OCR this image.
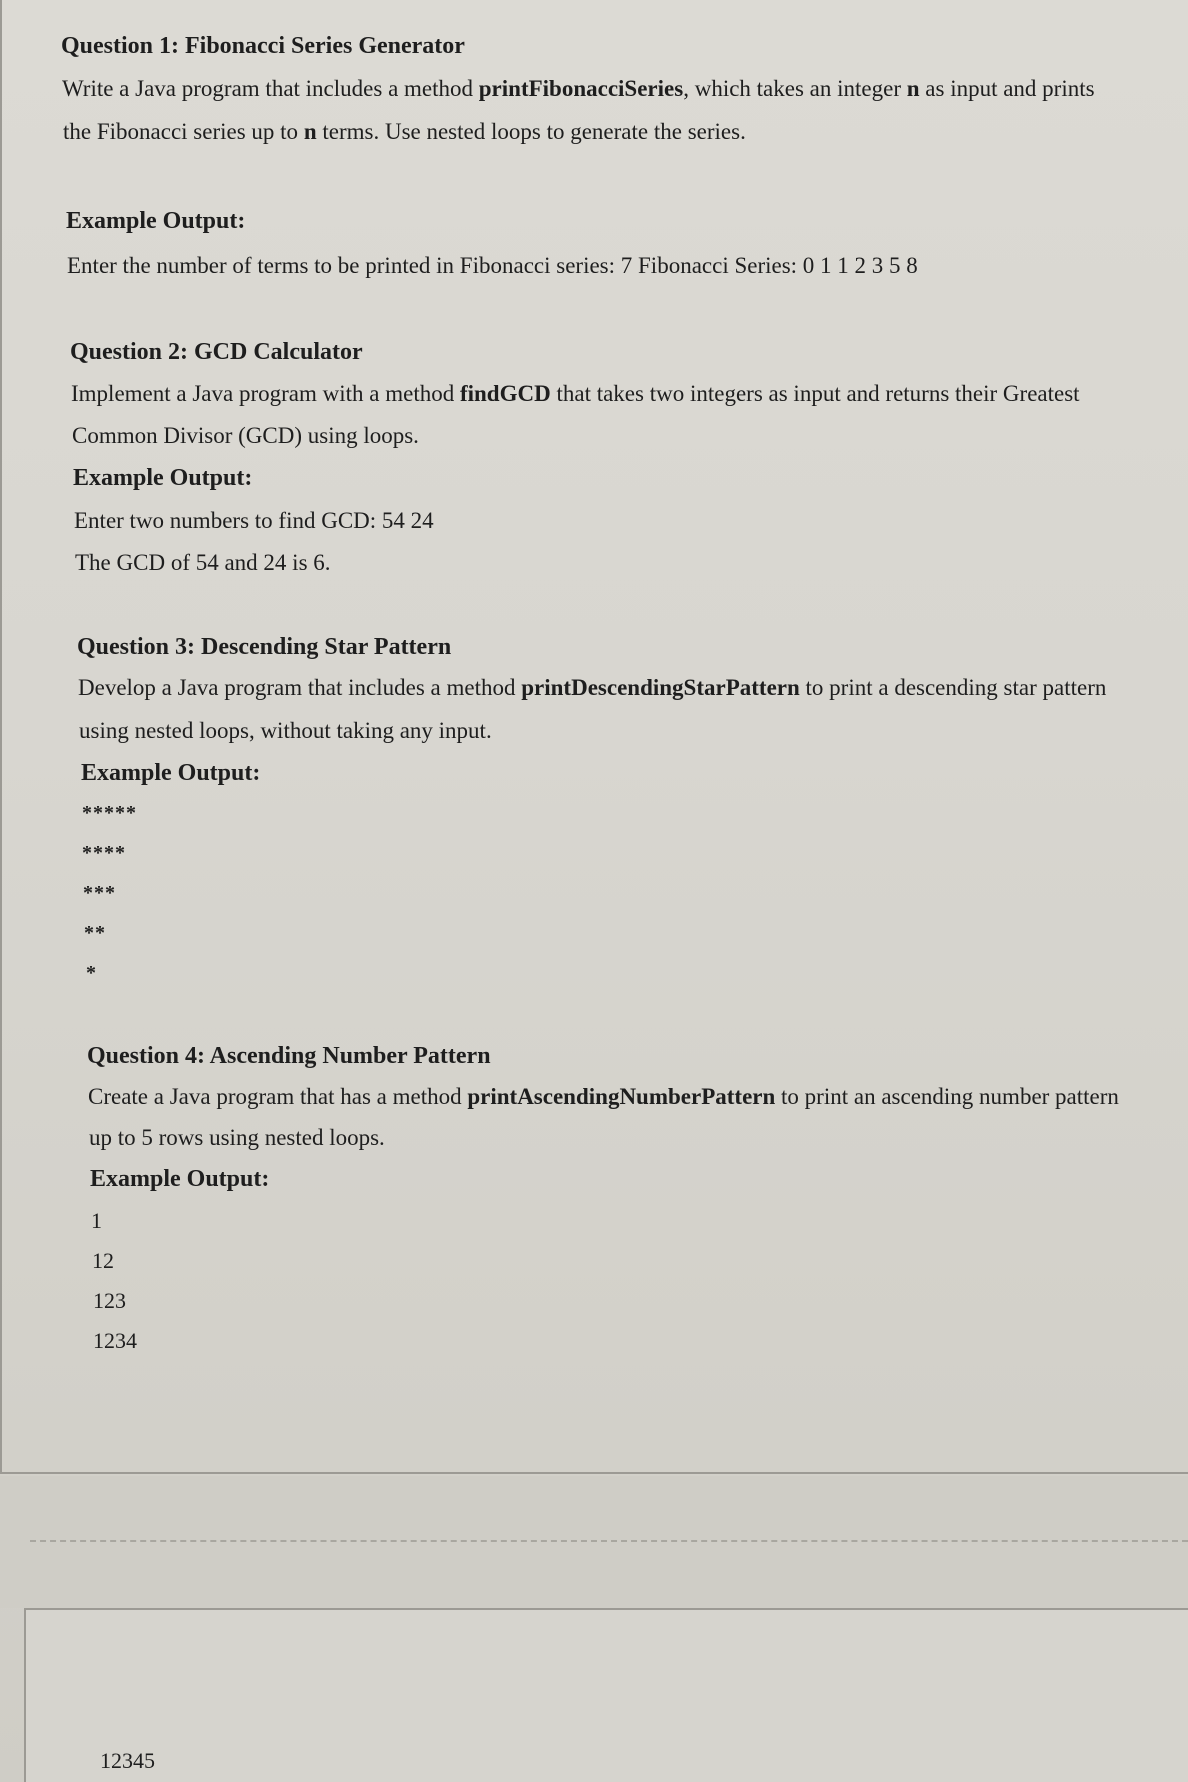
Question 1: Fibonacci Series Generator
Write a Java program that includes a method printFibonacciSeries, which takes an integer n as input and prints
the Fibonacci series up to n terms. Use nested loops to generate the series.
Example Output:
Enter the number of terms to be printed in Fibonacci series: 7 Fibonacci Series: 0 1 1 2 3 5 8
Question 2: GCD Calculator
Implement a Java program with a method findGCD that takes two integers as input and returns their Greatest
Common Divisor (GCD) using loops.
Example Output:
Enter two numbers to find GCD: 54 24
The GCD of 54 and 24 is 6.
Question 3: Descending Star Pattern
Develop a Java program that includes a method printDescendingStarPattern to print a descending star pattern
using nested loops, without taking any input.
Example Output:
*****
****
***
**
*
Question 4: Ascending Number Pattern
Create a Java program that has a method printAscendingNumberPattern to print an ascending number pattern
up to 5 rows using nested loops.
Example Output:
1
12
123
1234
12345
